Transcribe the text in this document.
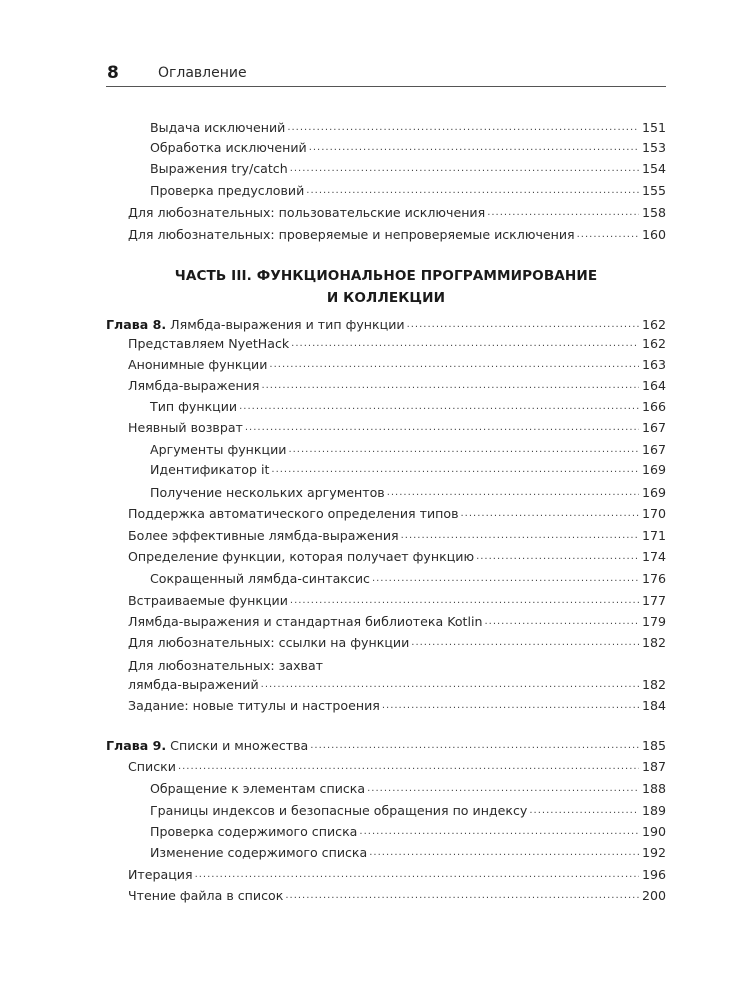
8	Оглавление
Выдача исключений .....	151
Обработка исключений .....	153
Выражения try/catch .....	154
Проверка предусловий .....	155
Для любознательных: пользовательские исключения .....	158
Для любознательных: проверяемые и непроверяемые исключения .....	160
ЧАСТЬ III. ФУНКЦИОНАЛЬНОЕ ПРОГРАММИРОВАНИЕ
И КОЛЛЕКЦИИ
Глава 8. Лямбда-выражения и тип функции .....	162
Представляем NyetHack .....	162
Анонимные функции .....	163
Лямбда-выражения .....	164
Тип функции .....	166
Неявный возврат .....	167
Аргументы функции .....	167
Идентификатор it .....	169
Получение нескольких аргументов .....	169
Поддержка автоматического определения типов .....	170
Более эффективные лямбда-выражения .....	171
Определение функции, которая получает функцию .....	174
Сокращенный лямбда-синтаксис .....	176
Встраиваемые функции .....	177
Лямбда-выражения и стандартная библиотека Kotlin .....	179
Для любознательных: ссылки на функции .....	182
Для любознательных: захват
лямбда-выражений .....	182
Задание: новые титулы и настроения .....	184
Глава 9. Списки и множества .....	185
Списки .....	187
Обращение к элементам списка .....	188
Границы индексов и безопасные обращения по индексу .....	189
Проверка содержимого списка .....	190
Изменение содержимого списка .....	192
Итерация .....	196
Чтение файла в список .....	200
